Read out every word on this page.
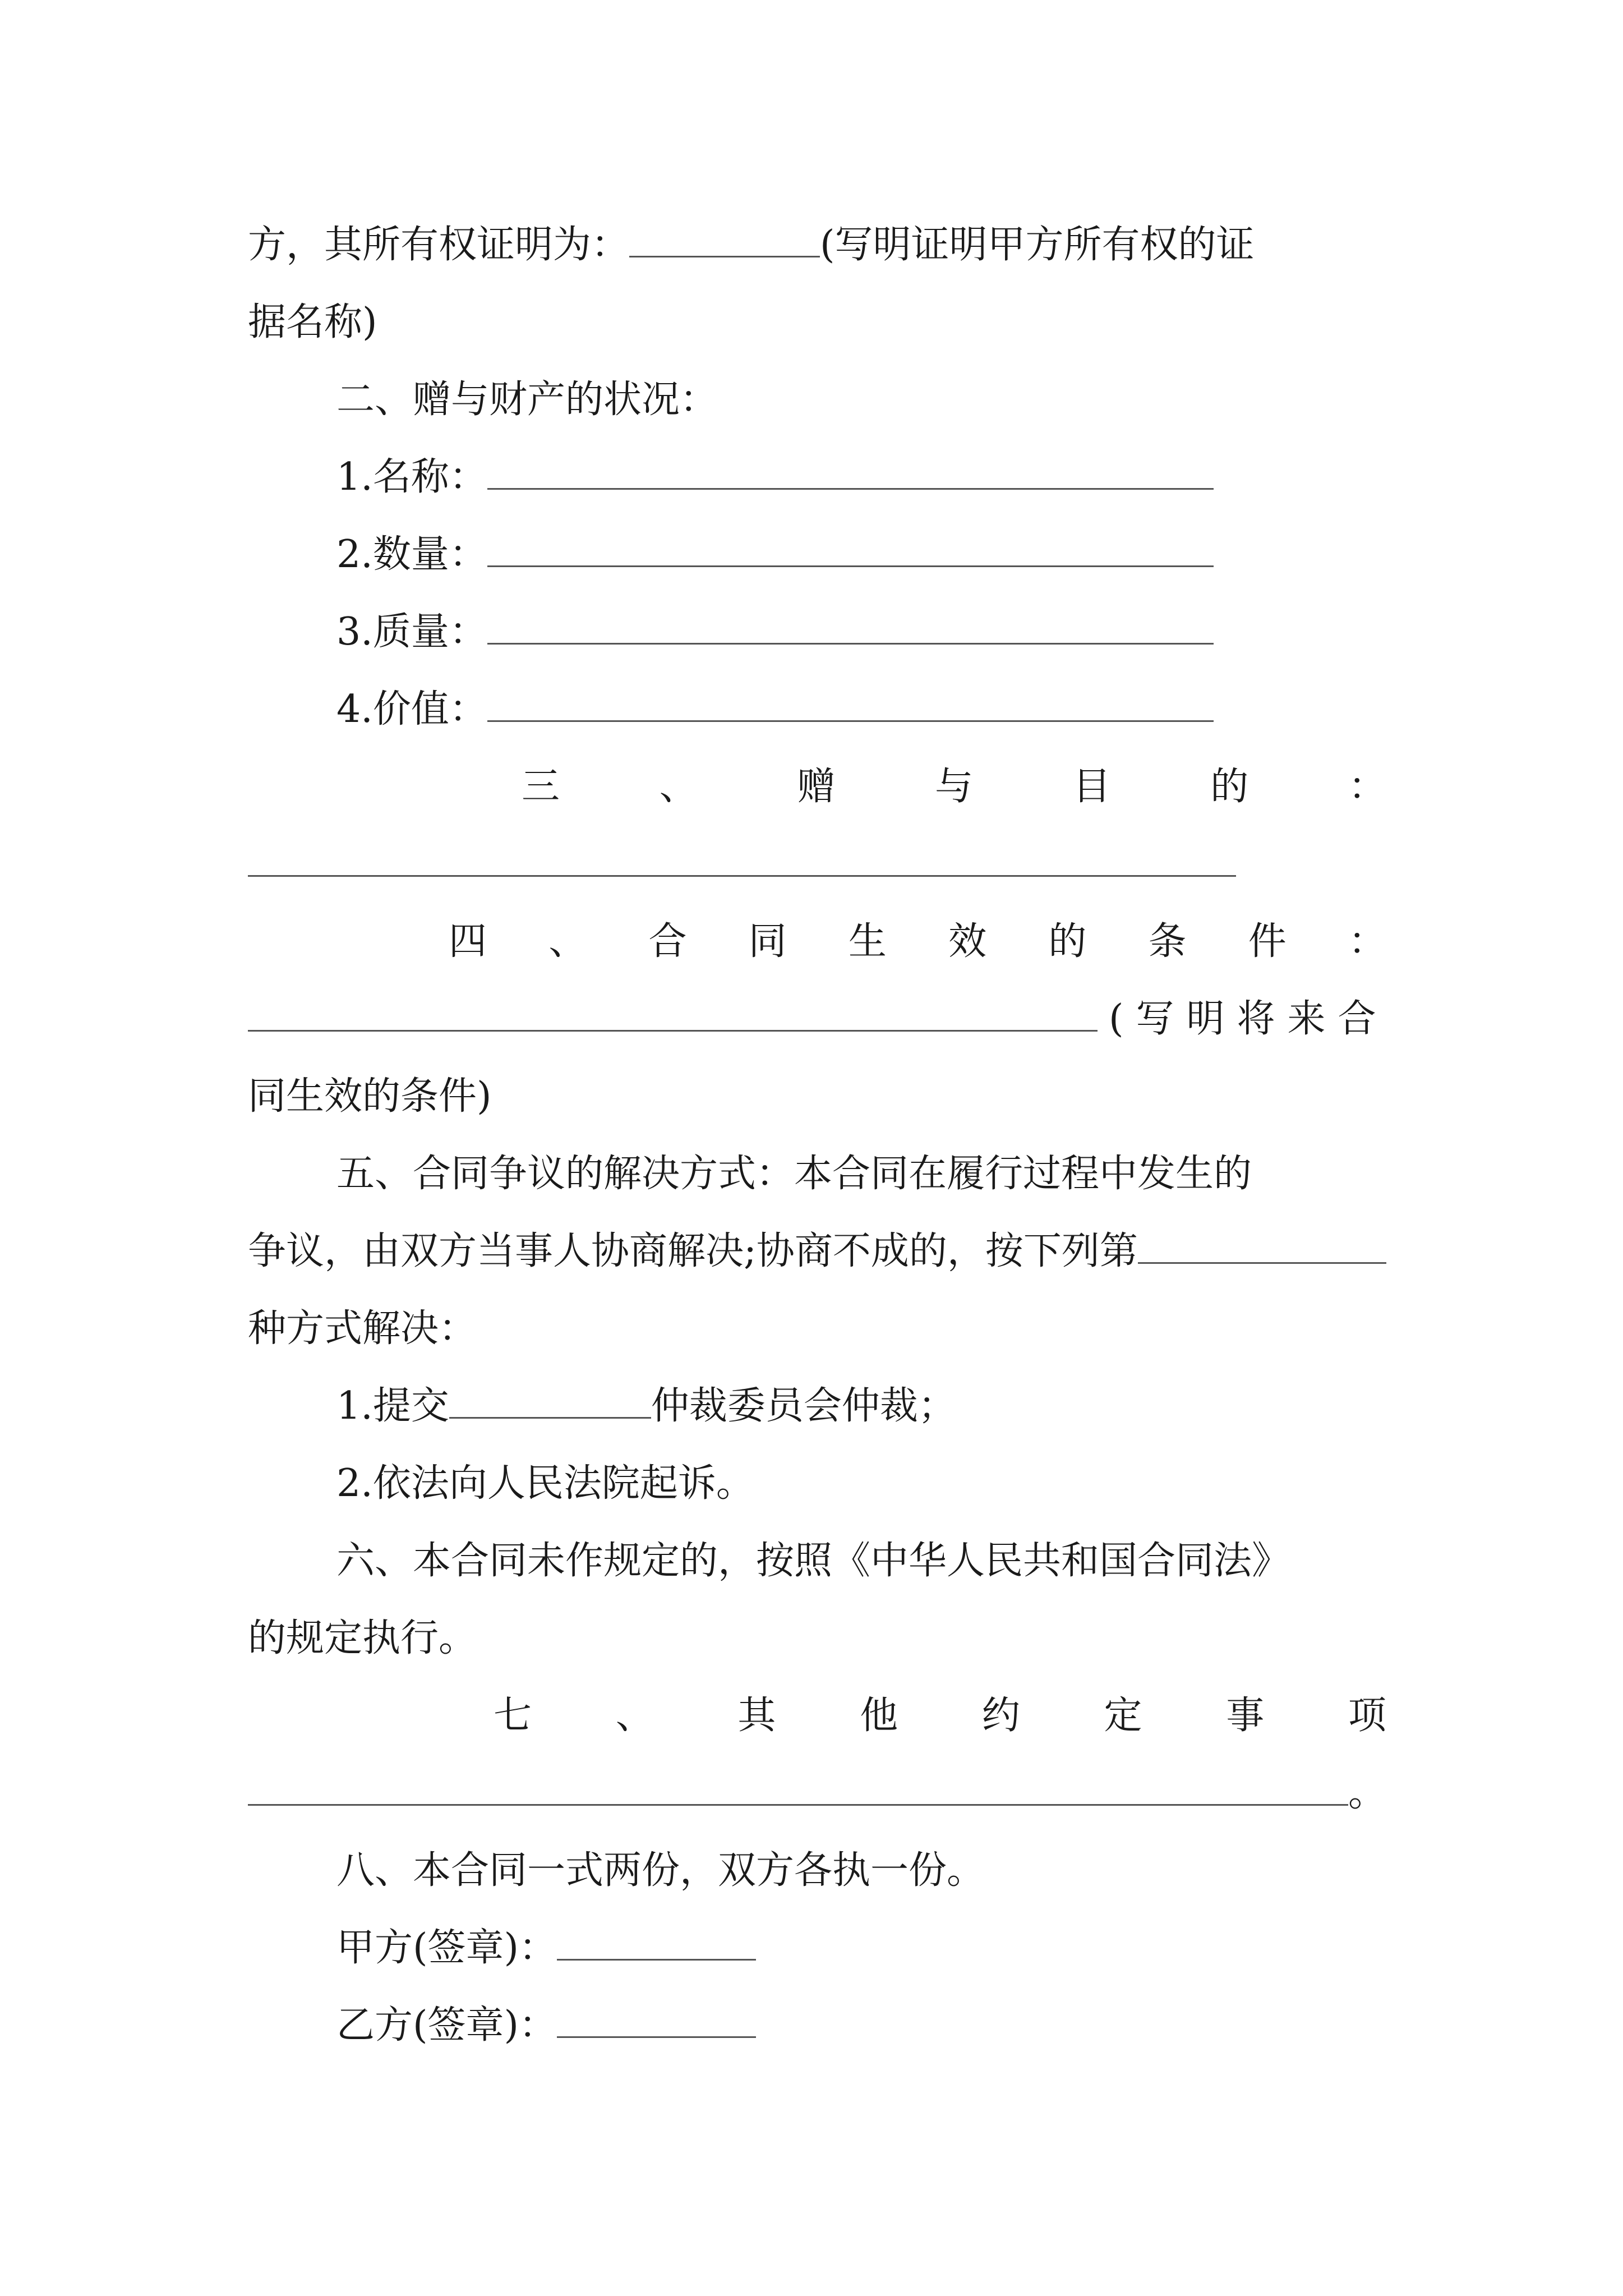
方，其所有权证明为：	(写明证明甲方所有权的证
据名称)
二、赠与财产的状况：
1.名称：
2.数量：
3.质量：
4.价值：
三	、	赠	与	目	的	：
四 、 合 同 生 效 的 条 件 ：
(写明将来合
同生效的条件)
五、合同争议的解决方式：本合同在履行过程中发生的
争议，由双方当事人协商解决;协商不成的，按下列第
种方式解决：
1.提交	仲裁委员会仲裁；
2.依法向人民法院起诉。
六、本合同未作规定的，按照《中华人民共和国合同法》
的规定执行。
七 、 其 他 约 定 事 项
。
八、本合同一式两份，双方各执一份。
甲方(签章)：
乙方(签章)：
